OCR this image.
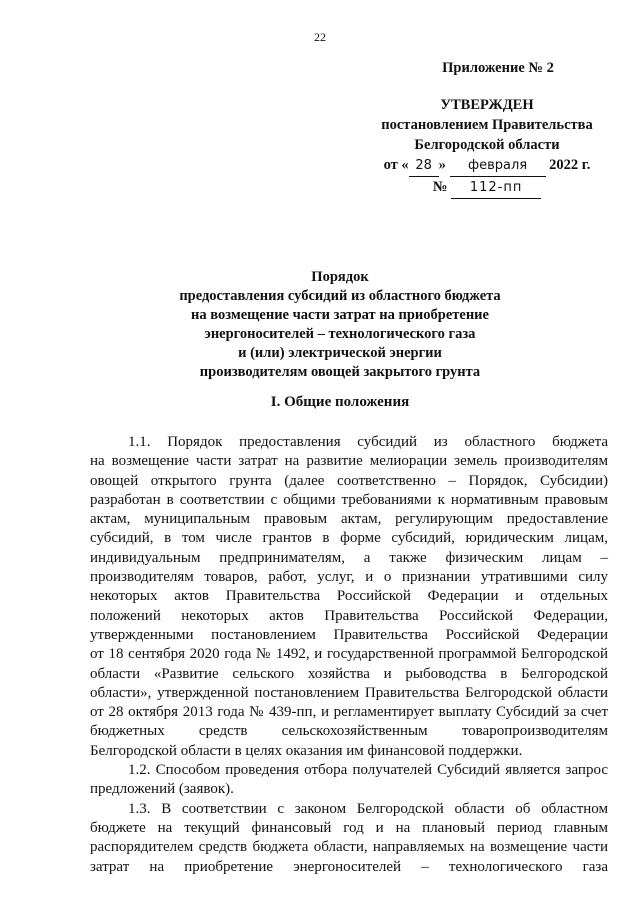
22
Приложение № 2
УТВЕРЖДЕН
постановлением Правительства
Белгородской области
от « 28 » февраля 2022 г.
№ 112-пп
Порядок
предоставления субсидий из областного бюджета
на возмещение части затрат на приобретение
энергоносителей – технологического газа
и (или) электрической энергии
производителям овощей закрытого грунта
I. Общие положения

1.1. Порядок предоставления субсидий из областного бюджета
на возмещение части затрат на развитие мелиорации земель производителям
овощей открытого грунта (далее соответственно – Порядок, Субсидии)
разработан в соответствии с общими требованиями к нормативным правовым
актам, муниципальным правовым актам, регулирующим предоставление
субсидий, в том числе грантов в форме субсидий, юридическим лицам,
индивидуальным предпринимателям, а также физическим лицам –
производителям товаров, работ, услуг, и о признании утратившими силу
некоторых актов Правительства Российской Федерации и отдельных
положений некоторых актов Правительства Российской Федерации,
утвержденными постановлением Правительства Российской Федерации
от 18 сентября 2020 года № 1492, и государственной программой Белгородской
области «Развитие сельского хозяйства и рыбоводства в Белгородской
области», утвержденной постановлением Правительства Белгородской области
от 28 октября 2013 года № 439-пп, и регламентирует выплату Субсидий за счет
бюджетных средств сельскохозяйственным товаропроизводителям
Белгородской области в целях оказания им финансовой поддержки.

1.2. Способом проведения отбора получателей Субсидий является запрос
предложений (заявок).

1.3. В соответствии с законом Белгородской области об областном
бюджете на текущий финансовый год и на плановый период главным
распорядителем средств бюджета области, направляемых на возмещение части
затрат на приобретение энергоносителей – технологического газа
